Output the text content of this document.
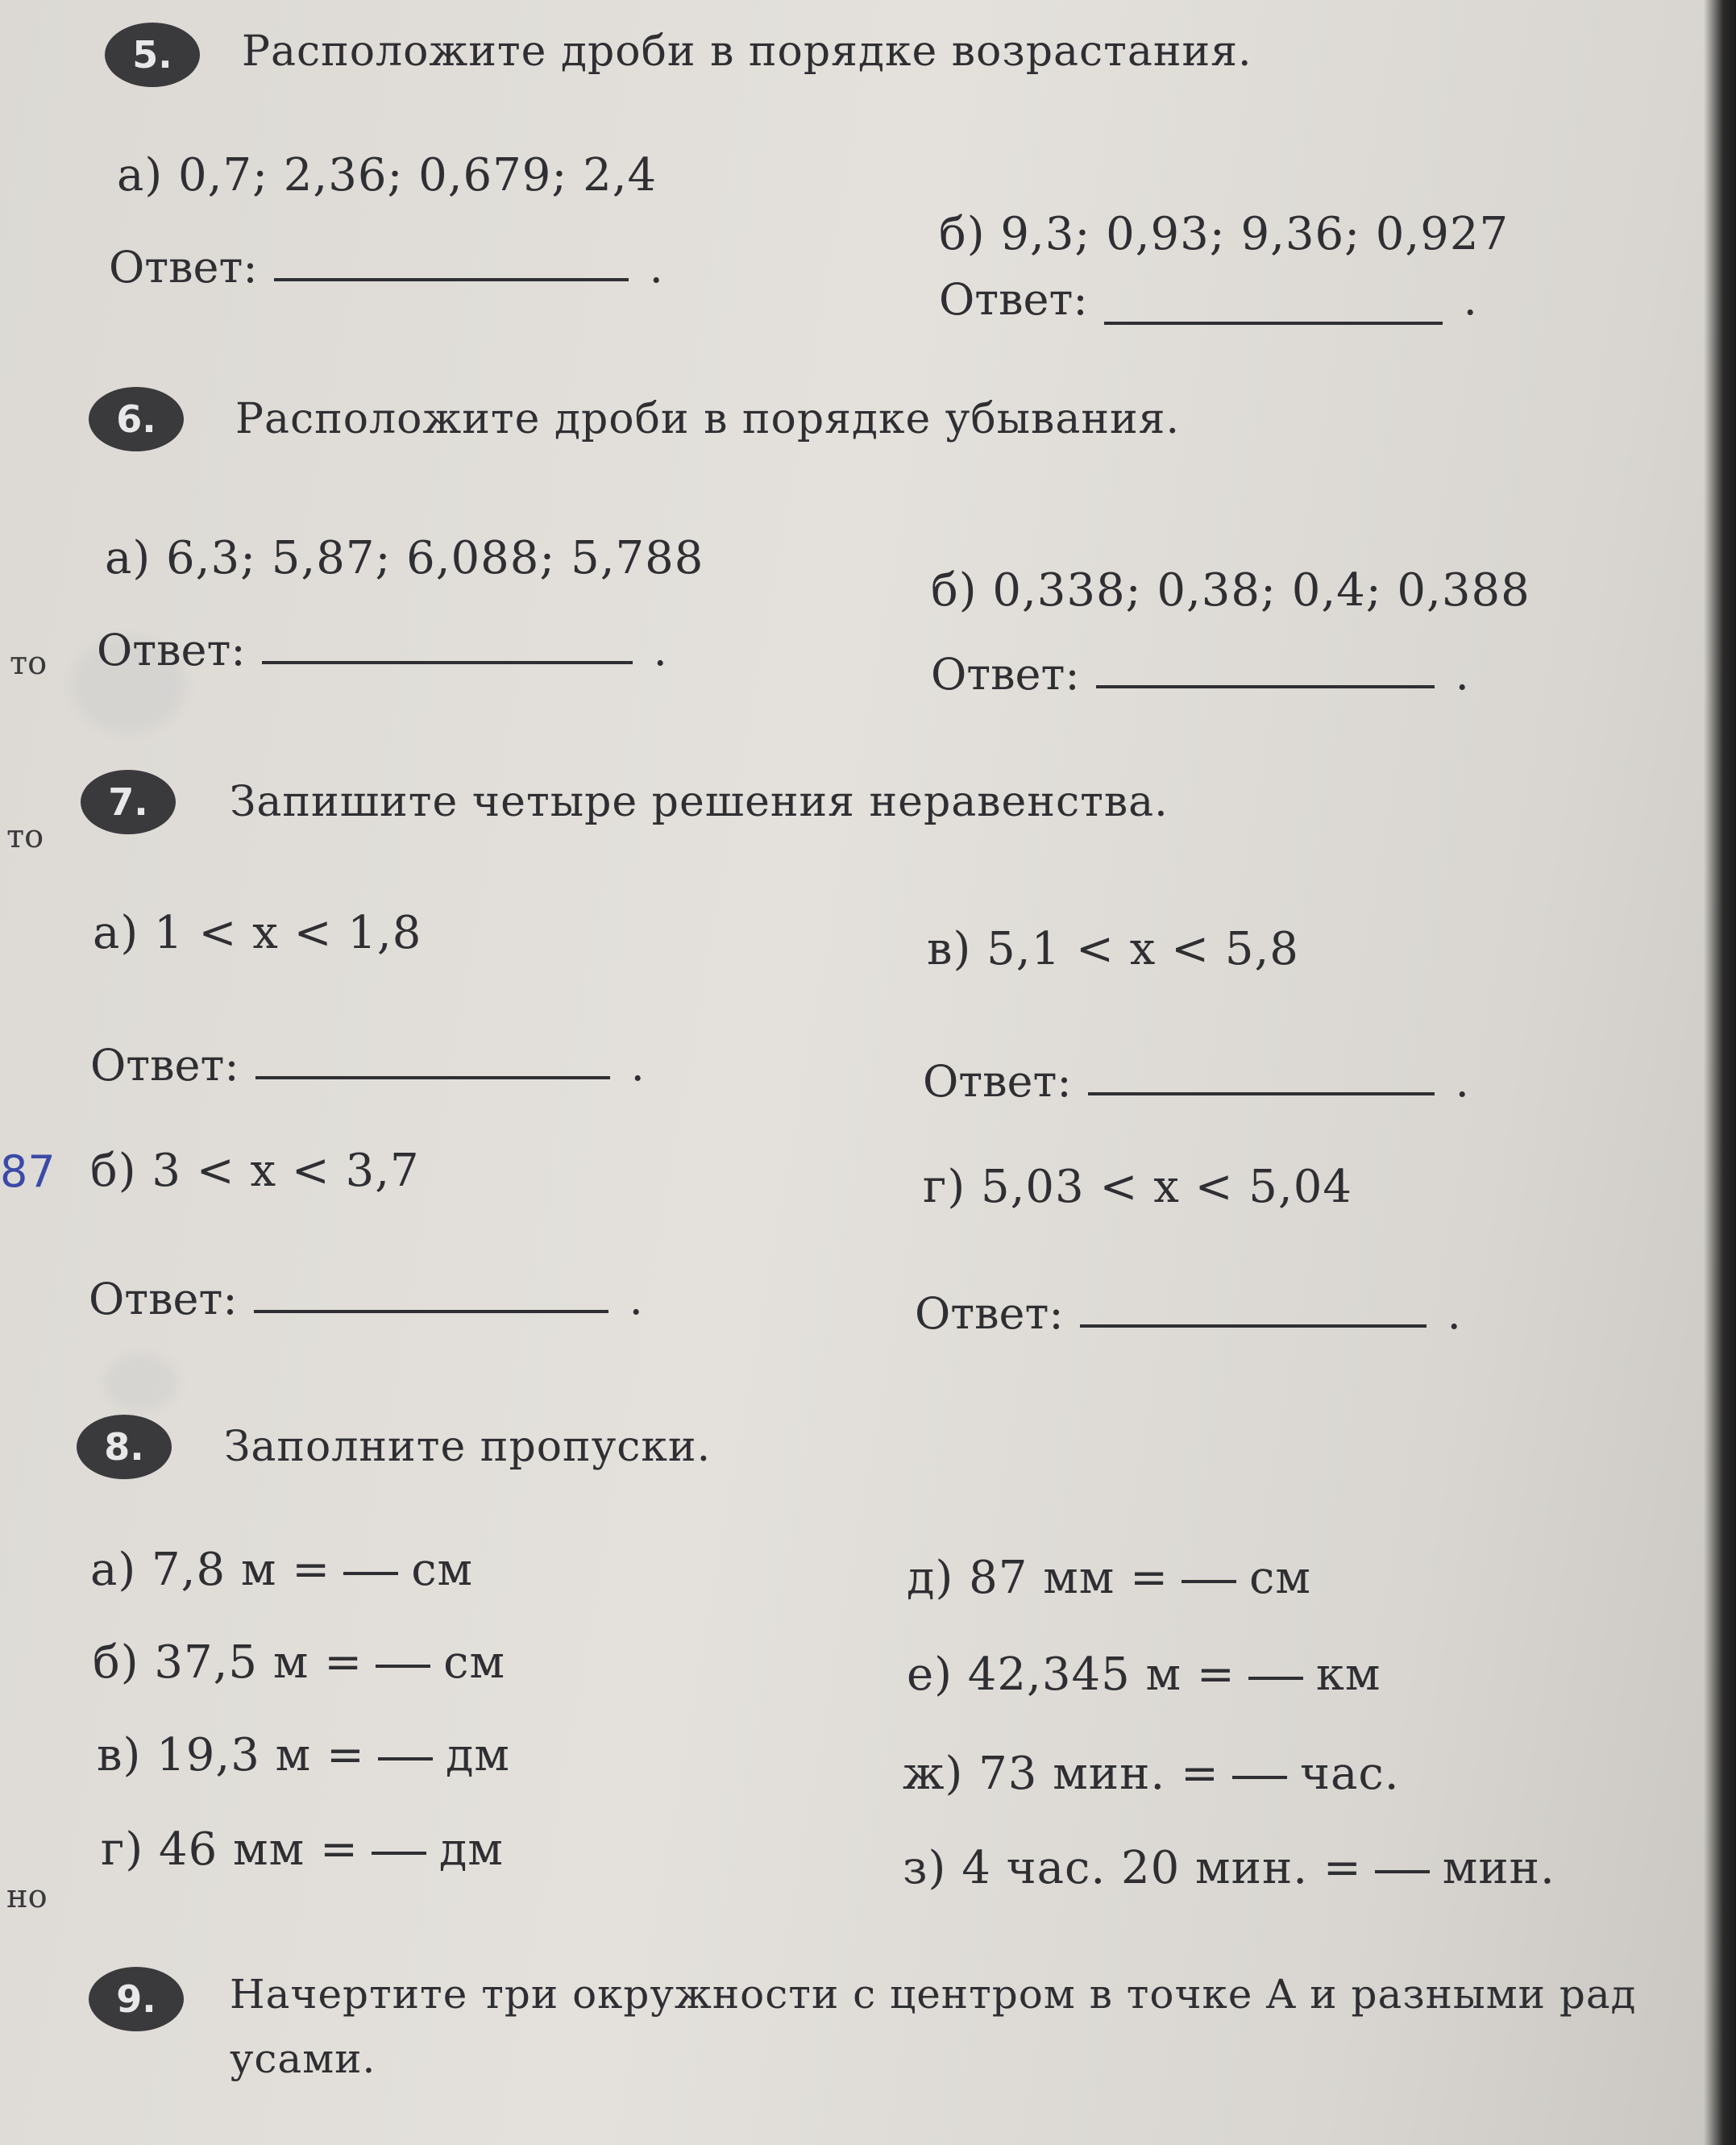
то
то
но
87
5.	Расположите дроби в порядке возрастания.
а) 0,7; 2,36; 0,679; 2,4
б) 9,3; 0,93; 9,36; 0,927
Ответ:	.
Ответ:	.
6.	Расположите дроби в порядке убывания.
а) 6,3; 5,87; 6,088; 5,788
б) 0,338; 0,38; 0,4; 0,388
Ответ:	.	Ответ:	.
7.	Запишите четыре решения неравенства.
а) 1 < x < 1,8	в) 5,1 < x < 5,8
Ответ:	.	Ответ:	.
б) 3 < x < 3,7	г) 5,03 < x < 5,04
Ответ:	.	Ответ:	.
8.	Заполните пропуски.
а) 7,8 м = см
б) 37,5 м = см
в) 19,3 м = дм
г) 46 мм = дм
д) 87 мм = см
е) 42,345 м = км
ж) 73 мин. = час.
з) 4 час. 20 мин. = мин.
9.	Начертите три окружности с центром в точке A и разными рад
усами.
